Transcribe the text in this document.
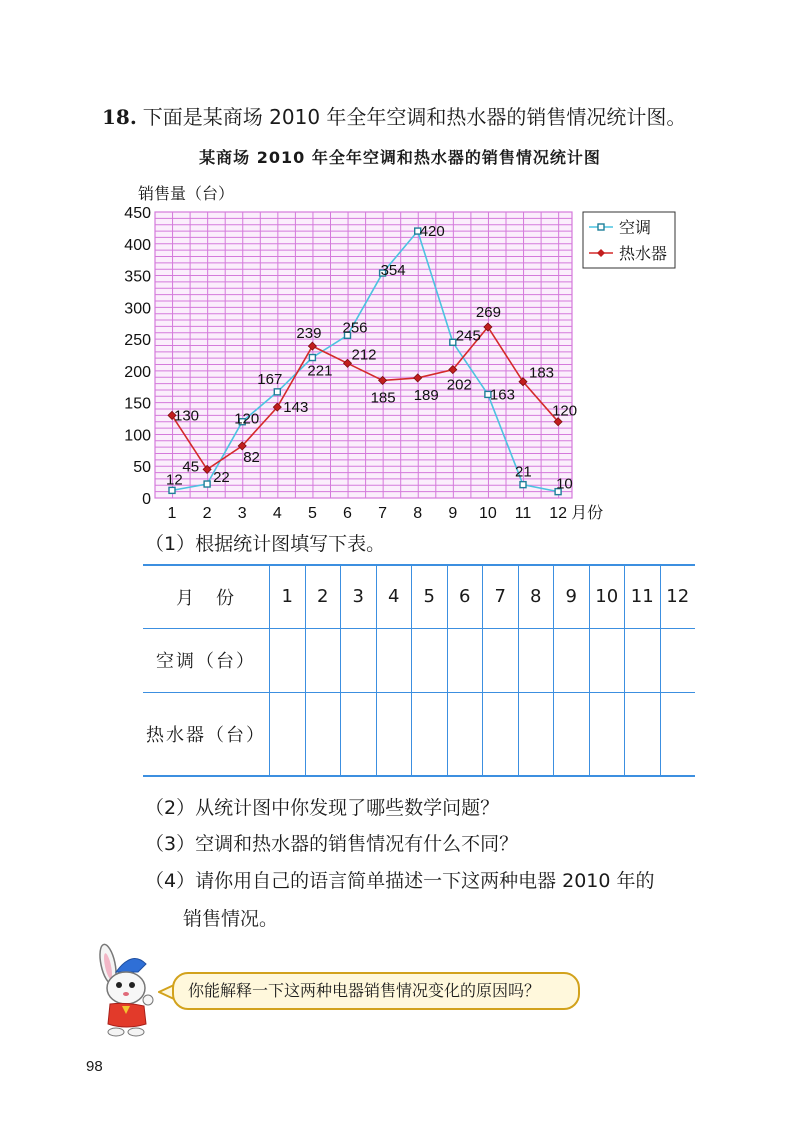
18. 下面是某商场 2010 年全年空调和热水器的销售情况统计图。
某商场 2010 年全年空调和热水器的销售情况统计图
销售量（台）
0
50
100
150
200
250
300
350
400
450
1 2 3 4 5 6 7 8 9 10 11 12 月份
12 22
120
167 221
256
354
420
245
163
21
10
130
45
82
143
239
212
185 189
202
269
183
120
空调
热水器
（1）根据统计图填写下表。
月　份	1	2	3	4	5	6	7	8	9	10	11	12
空调（台）												
热水器（台）												
（2）从统计图中你发现了哪些数学问题？
（3）空调和热水器的销售情况有什么不同？
（4）请你用自己的语言简单描述一下这两种电器 2010 年的
销售情况。
你能解释一下这两种电器销售情况变化的原因吗？
98
